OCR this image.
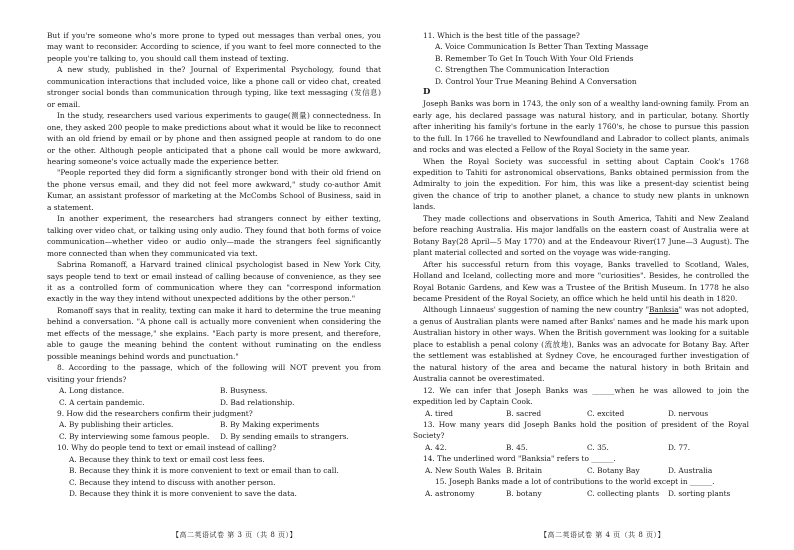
But if you're someone who's more prone to typed out messages than verbal ones, you may want to reconsider. According to science, if you want to feel more connected to the people you're talking to, you should call them instead of texting.

A new study, published in the? Journal of Experimental Psychology, found that communication interactions that included voice, like a phone call or video chat, created stronger social bonds than communication through typing, like text messaging (发信息) or email.

In the study, researchers used various experiments to gauge(测量) connectedness. In one, they asked 200 people to make predictions about what it would be like to reconnect with an old friend by email or by phone and then assigned people at random to do one or the other. Although people anticipated that a phone call would be more awkward, hearing someone's voice actually made the experience better.

"People reported they did form a significantly stronger bond with their old friend on the phone versus email, and they did not feel more awkward," study co-author Amit Kumar, an assistant professor of marketing at the McCombs School of Business, said in a statement.

In another experiment, the researchers had strangers connect by either texting, talking over video chat, or talking using only audio. They found that both forms of voice communication—whether video or audio only—made the strangers feel significantly more connected than when they communicated via text.

Sabrina Romanoff, a Harvard trained clinical psychologist based in New York City, says people tend to text or email instead of calling because of convenience, as they see it as a controlled form of communication where they can "correspond information exactly in the way they intend without unexpected additions by the other person."

Romanoff says that in reality, texting can make it hard to determine the true meaning behind a conversation. "A phone call is actually more convenient when considering the met effects of the message," she explains. "Each party is more present, and therefore, able to gauge the meaning behind the content without ruminating on the endless possible meanings behind words and punctuation."

8. According to the passage, which of the following will NOT prevent you from visiting your friends?

A. Long distance.	B. Busyness.
C. A certain pandemic.	D. Bad relationship.

9. How did the researchers confirm their judgment?

A. By publishing their articles.	B. By Making experiments
C. By interviewing some famous people.	D. By sending emails to strangers.

10. Why do people tend to text or email instead of calling?

A. Because they think to text or email cost less fees.

B. Because they think it is more convenient to text or email than to call.

C. Because they intend to discuss with another person.

D. Because they think it is more convenient to save the data.

11. Which is the best title of the passage?

A. Voice Communication Is Better Than Texting Massage

B. Remember To Get In Touch With Your Old Friends

C. Strengthen The Communication Interaction

D. Control Your True Meaning Behind A Conversation

D

Joseph Banks was born in 1743, the only son of a wealthy land-owning family. From an early age, his declared passage was natural history, and in particular, botany. Shortly after inheriting his family's fortune in the early 1760's, he chose to pursue this passion to the full. In 1766 he travelled to Newfoundland and Labrador to collect plants, animals and rocks and was elected a Fellow of the Royal Society in the same year.

When the Royal Society was successful in setting about Captain Cook's 1768 expedition to Tahiti for astronomical observations, Banks obtained permission from the Admiralty to join the expedition. For him, this was like a present-day scientist being given the chance of trip to another planet, a chance to study new plants in unknown lands.

They made collections and observations in South America, Tahiti and New Zealand before reaching Australia. His major landfalls on the eastern coast of Australia were at Botany Bay(28 April—5 May 1770) and at the Endeavour River(17 June—3 August). The plant material collected and sorted on the voyage was wide-ranging.

After his successful return from this voyage, Banks travelled to Scotland, Wales, Holland and Iceland, collecting more and more "curiosities". Besides, he controlled the Royal Botanic Gardens, and Kew was a Trustee of the British Museum. In 1778 he also became President of the Royal Society, an office which he held until his death in 1820.

Although Linnaeus' suggestion of naming the new country "Banksia" was not adopted, a genus of Australian plants were named after Banks' names and he made his mark upon Australian history in other ways. When the British government was looking for a suitable place to establish a penal colony (流放地), Banks was an advocate for Botany Bay. After the settlement was established at Sydney Cove, he encouraged further investigation of the natural history of the area and became the natural history in both Britain and Australia cannot be overestimated.

12. We can infer that Joseph Banks was ______when he was allowed to join the expedition led by Captain Cook.

A. tired	B. sacred	C. excited	D. nervous

13. How many years did Joseph Banks hold the position of president of the Royal Society?

A. 42.	B. 45.	C. 35.	D. 77.

14. The underlined word "Banksia" refers to ______.

A. New South Wales B. Britain	C. Botany Bay	D. Australia

15. Joseph Banks made a lot of contributions to the world except in ______.

A. astronomy	B. botany	C. collecting plants	D. sorting plants
【高二英语试卷 第 3 页（共 8 页）】	【高二英语试卷 第 4 页（共 8 页）】
